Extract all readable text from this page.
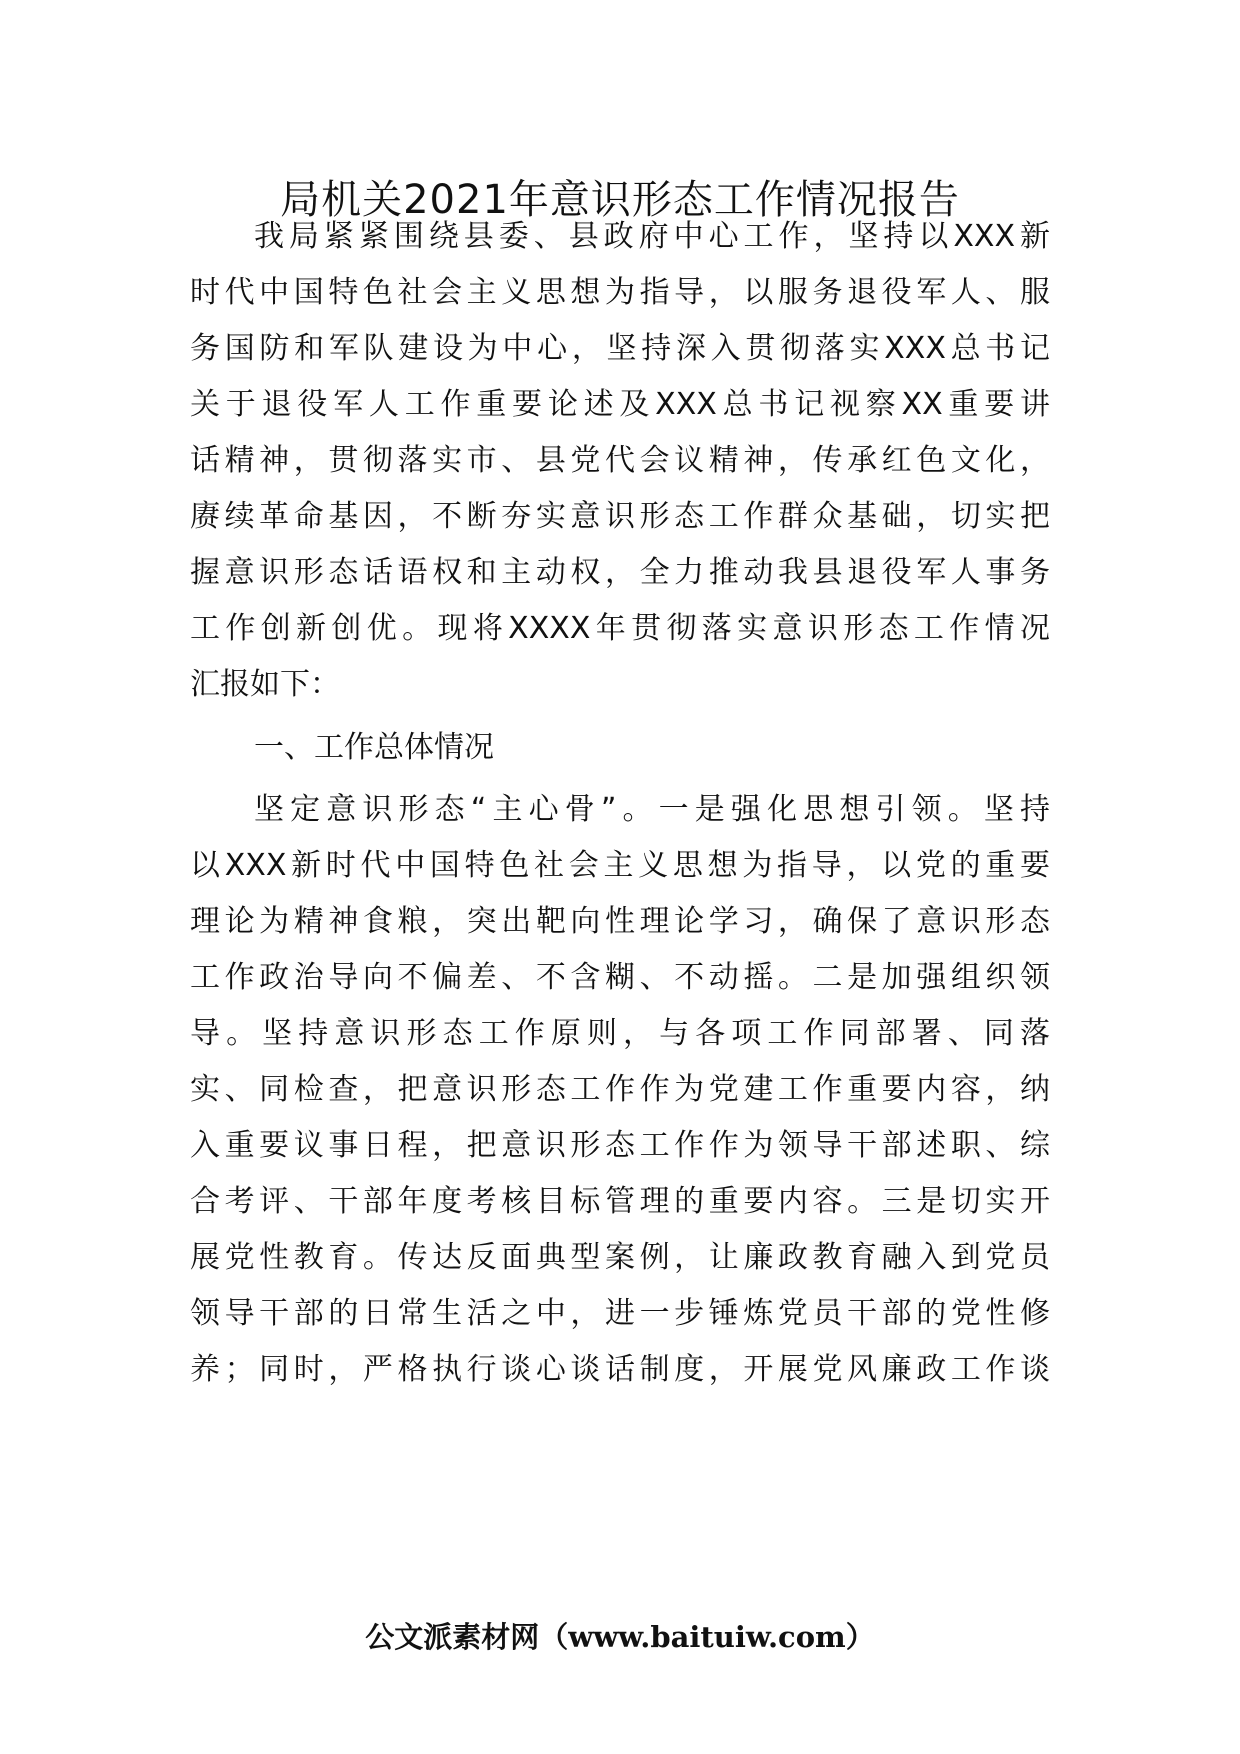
局机关2021年意识形态工作情况报告
我局紧紧围绕县委、县政府中心工作，坚持以XXX新
时代中国特色社会主义思想为指导，以服务退役军人、服
务国防和军队建设为中心，坚持深入贯彻落实XXX总书记
关于退役军人工作重要论述及XXX总书记视察XX重要讲
话精神，贯彻落实市、县党代会议精神，传承红色文化，
赓续革命基因，不断夯实意识形态工作群众基础，切实把
握意识形态话语权和主动权，全力推动我县退役军人事务
工作创新创优。现将XXXX年贯彻落实意识形态工作情况
汇报如下：
一、工作总体情况
坚定意识形态“主心骨”。一是强化思想引领。坚持
以XXX新时代中国特色社会主义思想为指导，以党的重要
理论为精神食粮，突出靶向性理论学习，确保了意识形态
工作政治导向不偏差、不含糊、不动摇。二是加强组织领
导。坚持意识形态工作原则，与各项工作同部署、同落
实、同检查，把意识形态工作作为党建工作重要内容，纳
入重要议事日程，把意识形态工作作为领导干部述职、综
合考评、干部年度考核目标管理的重要内容。三是切实开
展党性教育。传达反面典型案例，让廉政教育融入到党员
领导干部的日常生活之中，进一步锤炼党员干部的党性修
养；同时，严格执行谈心谈话制度，开展党风廉政工作谈
公文派素材网（www.baituiw.com）
